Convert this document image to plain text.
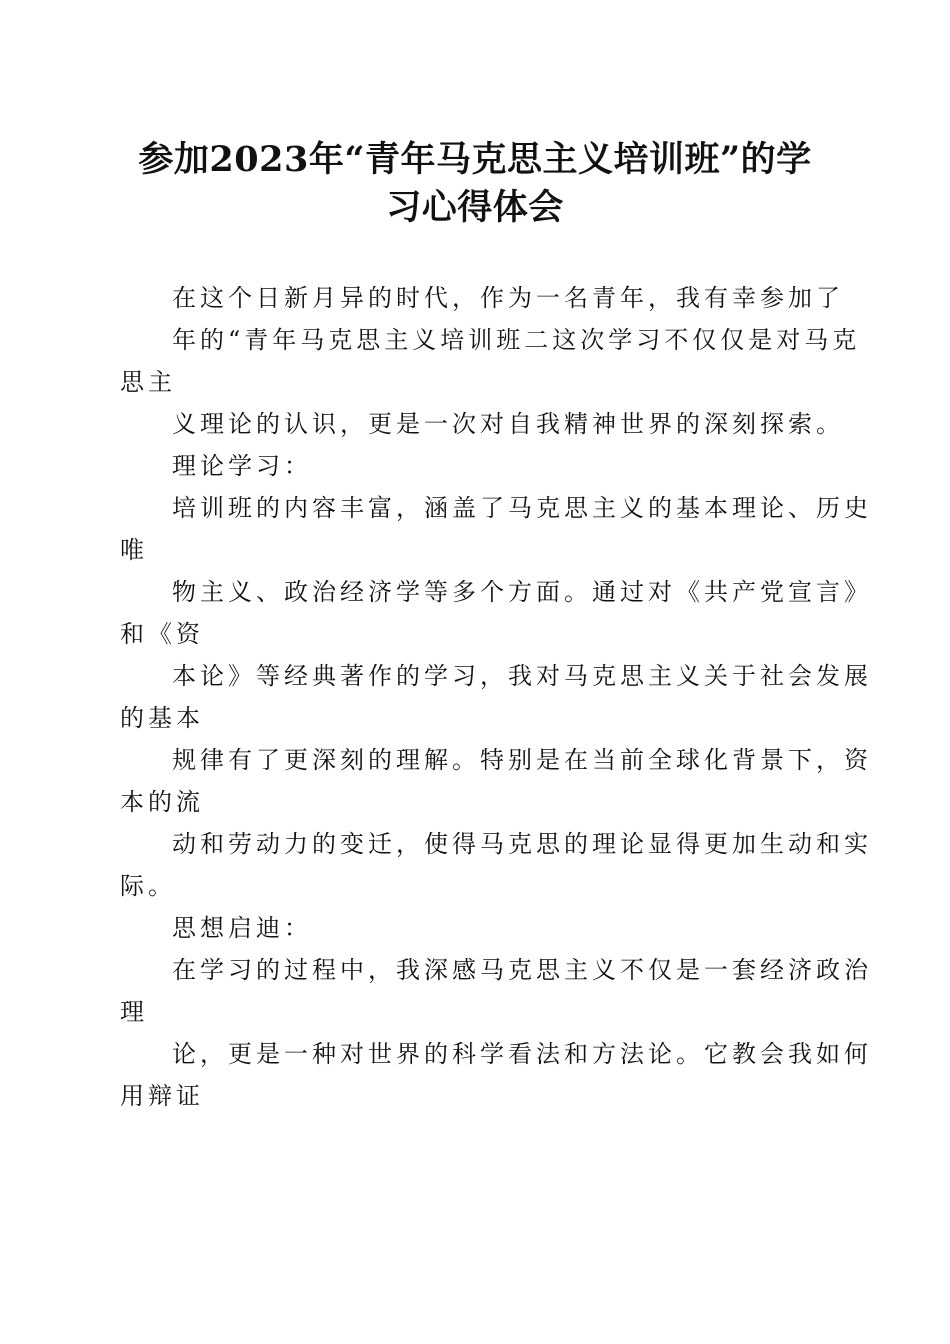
参加2023年“青年马克思主义培训班”的学
习心得体会
在这个日新月异的时代，作为一名青年，我有幸参加了
年的“青年马克思主义培训班二这次学习不仅仅是对马克
思主
义理论的认识，更是一次对自我精神世界的深刻探索。
理论学习：
培训班的内容丰富，涵盖了马克思主义的基本理论、历史
唯
物主义、政治经济学等多个方面。通过对《共产党宣言》
和《资
本论》等经典著作的学习，我对马克思主义关于社会发展
的基本
规律有了更深刻的理解。特别是在当前全球化背景下，资
本的流
动和劳动力的变迁，使得马克思的理论显得更加生动和实
际。
思想启迪：
在学习的过程中，我深感马克思主义不仅是一套经济政治
理
论，更是一种对世界的科学看法和方法论。它教会我如何
用辩证
